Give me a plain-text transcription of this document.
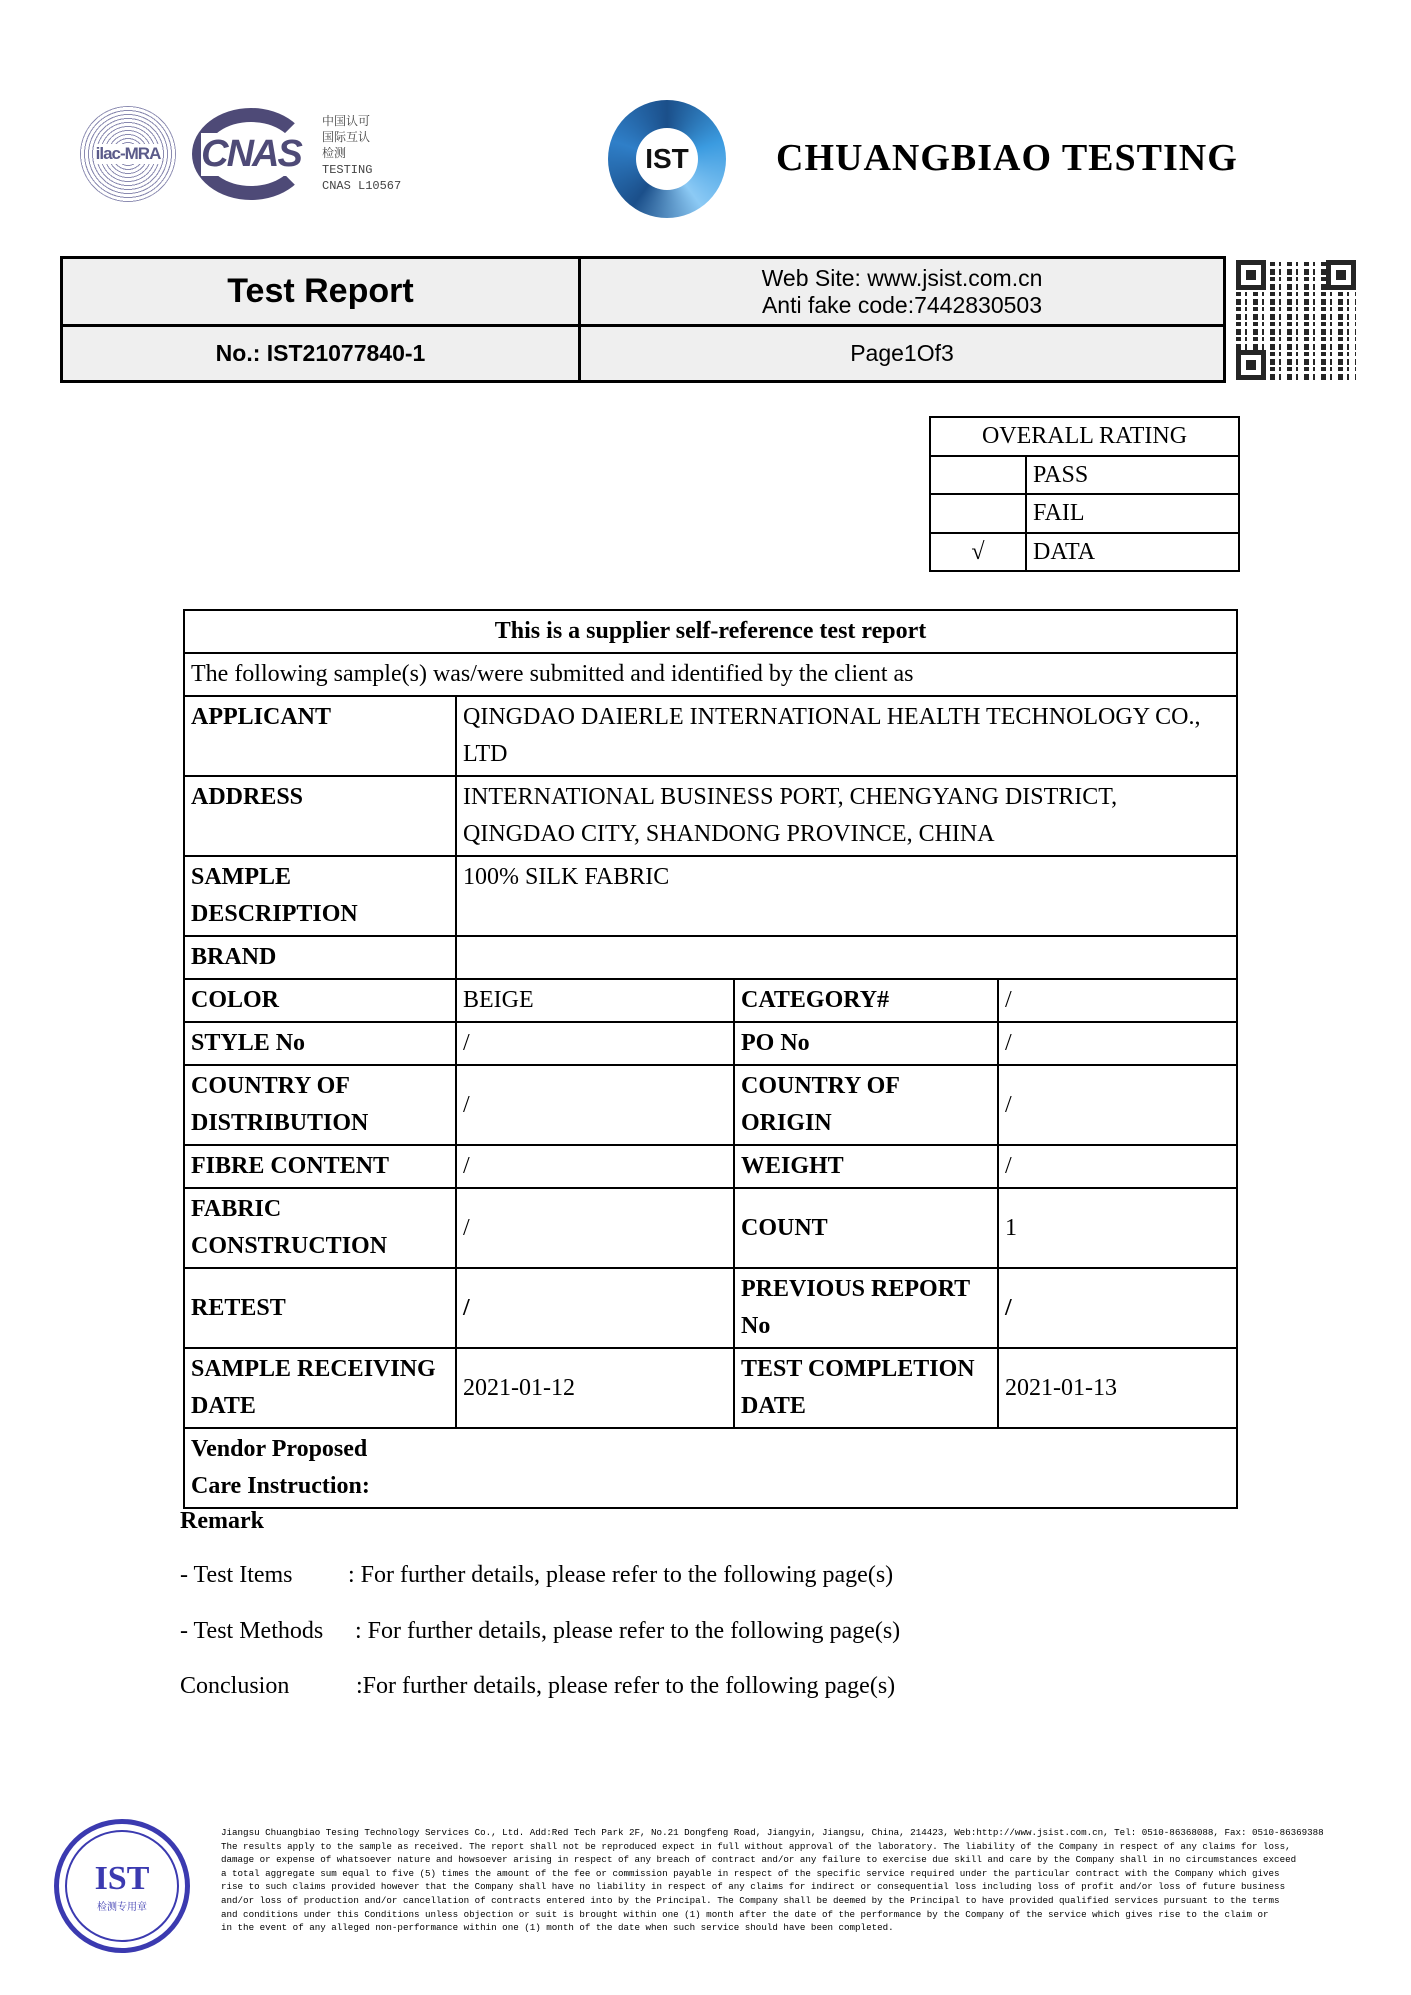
ilac-MRA CNAS
中国认可
国际互认
检测
TESTING
CNAS L10567
IST CHUANGBIAO TESTING
Test Report	Web Site: www.jsist.com.cn
Anti fake code:7442830503
No.: IST21077840-1	Page1Of3
OVERALL RATING	
	PASS
	FAIL
√	DATA
This is a supplier self-reference test report			
The following sample(s) was/were submitted and identified by the client as			
APPLICANT	QINGDAO DAIERLE INTERNATIONAL HEALTH TECHNOLOGY CO., LTD		
ADDRESS	INTERNATIONAL BUSINESS PORT, CHENGYANG DISTRICT, QINGDAO CITY, SHANDONG PROVINCE, CHINA		
SAMPLE DESCRIPTION	100% SILK FABRIC		
BRAND			
COLOR	BEIGE	CATEGORY#	/
STYLE No	/	PO No	/
COUNTRY OF DISTRIBUTION	/	COUNTRY OF ORIGIN	/
FIBRE CONTENT	/	WEIGHT	/
FABRIC CONSTRUCTION	/	COUNT	1
RETEST	/	PREVIOUS REPORT No	/
SAMPLE RECEIVING DATE	2021-01-12	TEST COMPLETION DATE	2021-01-13
Vendor Proposed Care Instruction:			
Remark
- Test Items : For further details, please refer to the following page(s)
- Test Methods : For further details, please refer to the following page(s)
Conclusion	:For further details, please refer to the following page(s)
IST
检测专用章
Jiangsu Chuangbiao Tesing Technology Services Co., Ltd. Add:Red Tech Park 2F, No.21 Dongfeng Road, Jiangyin, Jiangsu, China, 214423, Web:http://www.jsist.com.cn, Tel: 0510-86368088, Fax: 0510-86369388
The results apply to the sample as received. The report shall not be reproduced expect in full without approval of the laboratory. The liability of the Company in respect of any claims for loss,
damage or expense of whatsoever nature and howsoever arising in respect of any breach of contract and/or any failure to exercise due skill and care by the Company shall in no circumstances exceed
a total aggregate sum equal to five (5) times the amount of the fee or commission payable in respect of the specific service required under the particular contract with the Company which gives
rise to such claims provided however that the Company shall have no liability in respect of any claims for indirect or consequential loss including loss of profit and/or loss of future business
and/or loss of production and/or cancellation of contracts entered into by the Principal. The Company shall be deemed by the Principal to have provided qualified services pursuant to the terms
and conditions under this Conditions unless objection or suit is brought within one (1) month after the date of the performance by the Company of the service which gives rise to the claim or
in the event of any alleged non-performance within one (1) month of the date when such service should have been completed.
